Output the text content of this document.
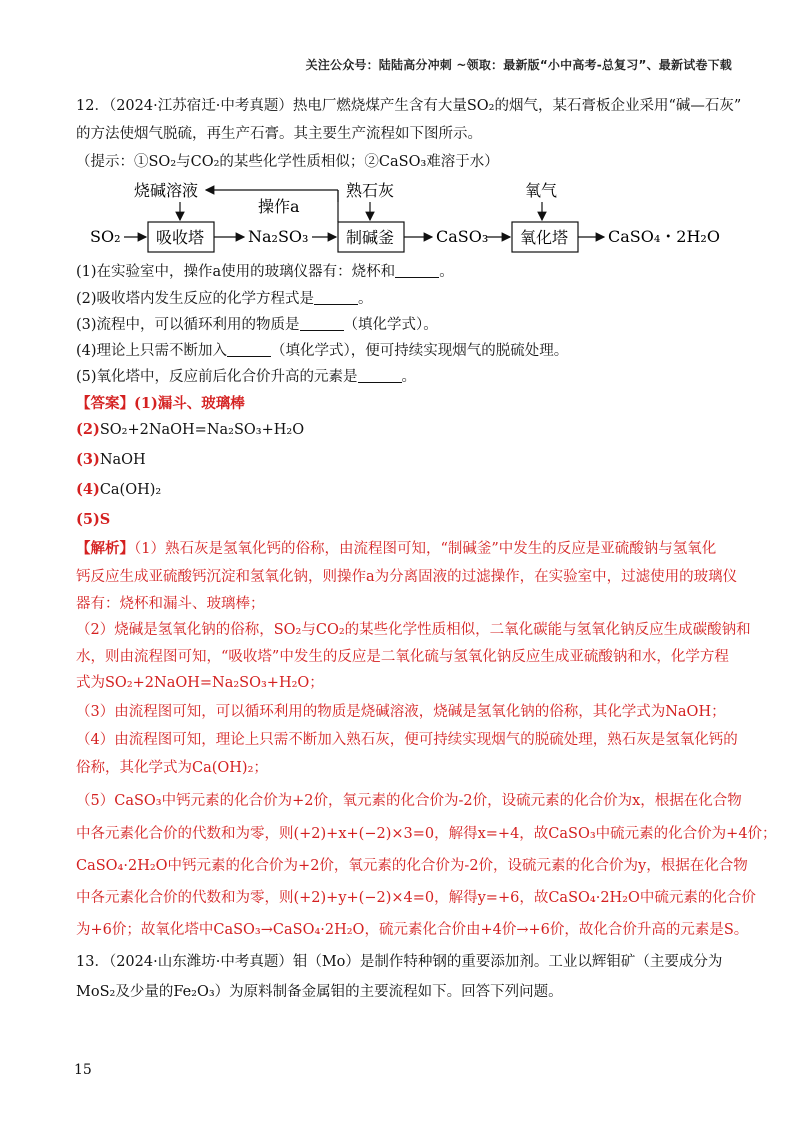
关注公众号：陆陆高分冲刺 ~领取：最新版“小中高考-总复习”、最新试卷下载
12．（2024·江苏宿迁·中考真题）热电厂燃烧煤产生含有大量SO₂的烟气，某石膏板企业采用“碱—石灰”
的方法使烟气脱硫，再生产石膏。其主要生产流程如下图所示。
（提示：①SO₂与CO₂的某些化学性质相似；②CaSO₃难溶于水）
烧碱溶液
操作a
熟石灰	氧气
SO₂ 吸收塔	Na₂SO₃ 制碱釜	CaSO₃ 氧化塔 CaSO₄・2H₂O
(1)在实验室中，操作a使用的玻璃仪器有：烧杯和	。
(2)吸收塔内发生反应的化学方程式是	。
(3)流程中，可以循环利用的物质是	（填化学式）。
(4)理论上只需不断加入	（填化学式），便可持续实现烟气的脱硫处理。
(5)氧化塔中，反应前后化合价升高的元素是	。
【答案】(1)漏斗、玻璃棒
(2)SO₂+2NaOH=Na₂SO₃+H₂O
(3)NaOH
(4)Ca(OH)₂
(5)S
【解析】（1）熟石灰是氢氧化钙的俗称，由流程图可知，“制碱釜”中发生的反应是亚硫酸钠与氢氧化
钙反应生成亚硫酸钙沉淀和氢氧化钠，则操作a为分离固液的过滤操作，在实验室中，过滤使用的玻璃仪
器有：烧杯和漏斗、玻璃棒；
（2）烧碱是氢氧化钠的俗称，SO₂与CO₂的某些化学性质相似，二氧化碳能与氢氧化钠反应生成碳酸钠和
水，则由流程图可知，“吸收塔”中发生的反应是二氧化硫与氢氧化钠反应生成亚硫酸钠和水，化学方程
式为SO₂+2NaOH=Na₂SO₃+H₂O；
（3）由流程图可知，可以循环利用的物质是烧碱溶液，烧碱是氢氧化钠的俗称，其化学式为NaOH；
（4）由流程图可知，理论上只需不断加入熟石灰，便可持续实现烟气的脱硫处理，熟石灰是氢氧化钙的
俗称，其化学式为Ca(OH)₂；
（5）CaSO₃中钙元素的化合价为+2价，氧元素的化合价为-2价，设硫元素的化合价为x，根据在化合物
中各元素化合价的代数和为零，则(+2)+x+(−2)×3=0，解得x=+4，故CaSO₃中硫元素的化合价为+4价；
CaSO₄·2H₂O中钙元素的化合价为+2价，氧元素的化合价为-2价，设硫元素的化合价为y，根据在化合物
中各元素化合价的代数和为零，则(+2)+y+(−2)×4=0，解得y=+6，故CaSO₄·2H₂O中硫元素的化合价
为+6价；故氧化塔中CaSO₃→CaSO₄·2H₂O，硫元素化合价由+4价→+6价，故化合价升高的元素是S。
13．（2024·山东潍坊·中考真题）钼（Mo）是制作特种钢的重要添加剂。工业以辉钼矿（主要成分为
MoS₂及少量的Fe₂O₃）为原料制备金属钼的主要流程如下。回答下列问题。
15
